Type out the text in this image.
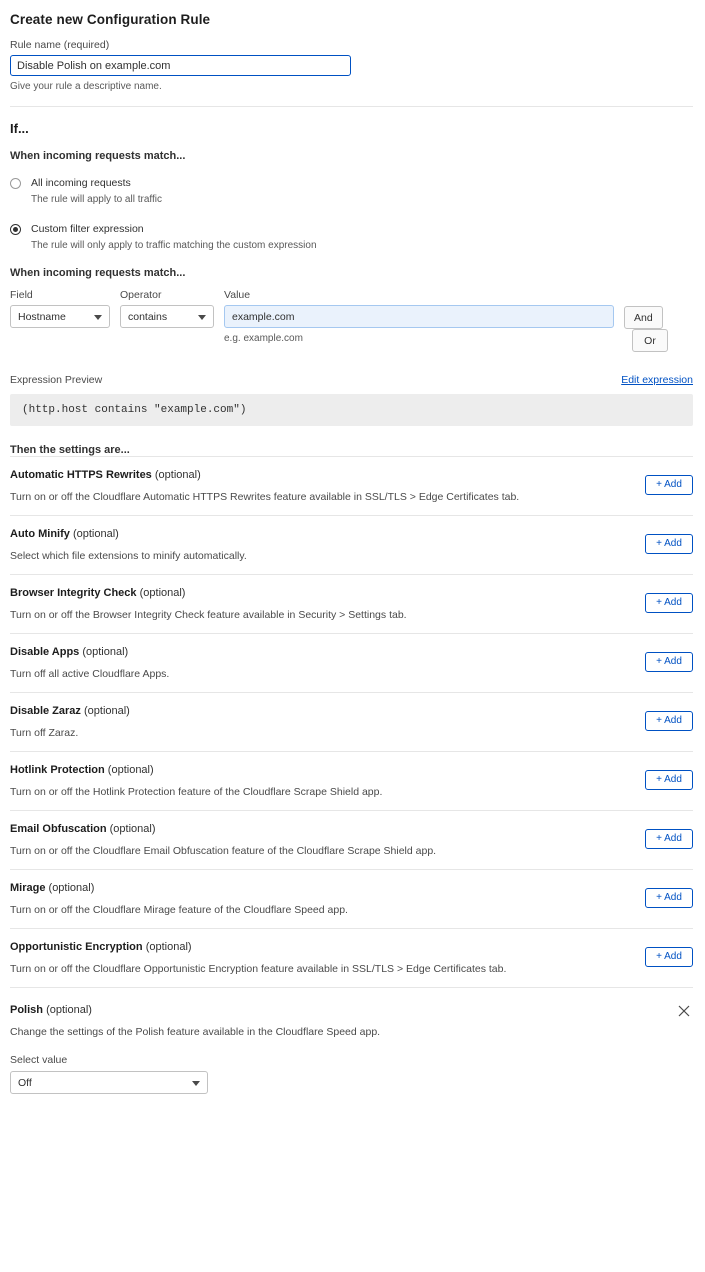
Create new Configuration Rule
Rule name (required)
Disable Polish on example.com
Give your rule a descriptive name.
If...
When incoming requests match...
All incoming requests
The rule will apply to all traffic
Custom filter expression
The rule will only apply to traffic matching the custom expression
When incoming requests match...
Field
Hostname
Operator
contains
Value
example.com
e.g. example.com
And Or
Expression Preview	Edit expression
(http.host contains "example.com")
Then the settings are...
Automatic HTTPS Rewrites (optional)
Turn on or off the Cloudflare Automatic HTTPS Rewrites feature available in SSL/TLS > Edge Certificates tab.
+ Add
Auto Minify (optional)
Select which file extensions to minify automatically.
+ Add
Browser Integrity Check (optional)
Turn on or off the Browser Integrity Check feature available in Security > Settings tab.
+ Add
Disable Apps (optional)
Turn off all active Cloudflare Apps.
+ Add
Disable Zaraz (optional)
Turn off Zaraz.
+ Add
Hotlink Protection (optional)
Turn on or off the Hotlink Protection feature of the Cloudflare Scrape Shield app.
+ Add
Email Obfuscation (optional)
Turn on or off the Cloudflare Email Obfuscation feature of the Cloudflare Scrape Shield app.
+ Add
Mirage (optional)
Turn on or off the Cloudflare Mirage feature of the Cloudflare Speed app.
+ Add
Opportunistic Encryption (optional)
Turn on or off the Cloudflare Opportunistic Encryption feature available in SSL/TLS > Edge Certificates tab.
+ Add
Polish (optional)
Change the settings of the Polish feature available in the Cloudflare Speed app.
Select value
Off
